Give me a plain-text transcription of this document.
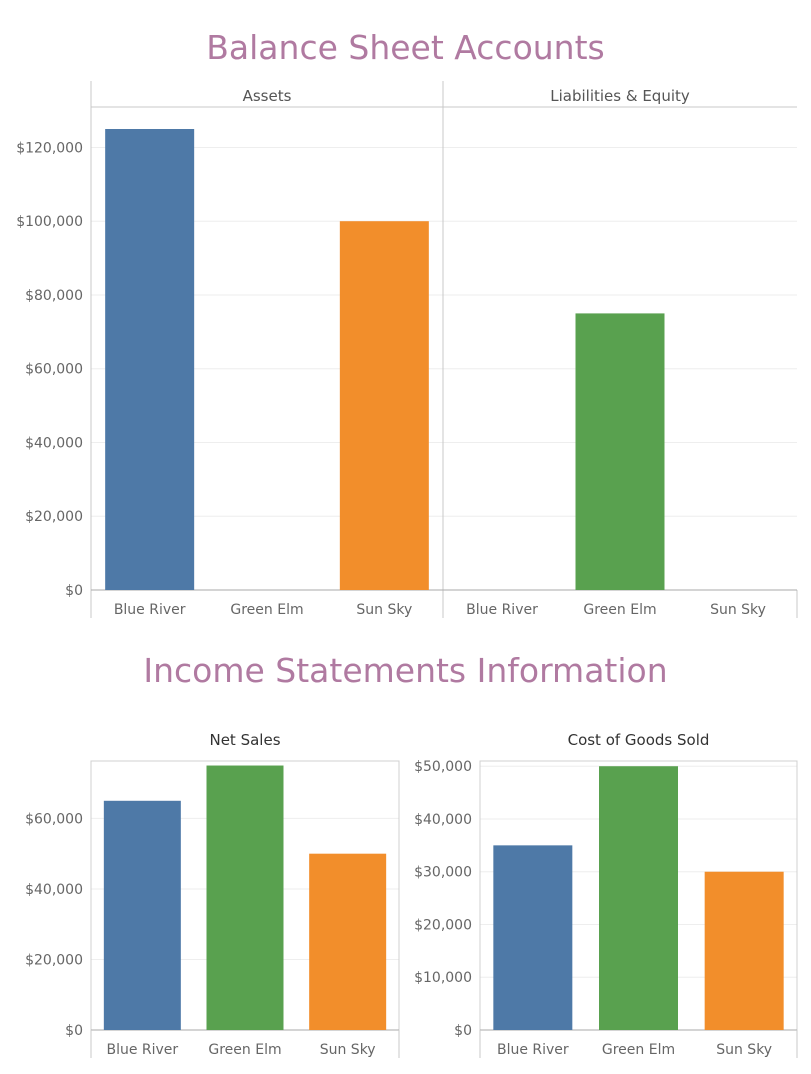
Balance Sheet Accounts
Income Statements Information
$0
$20,000
$40,000
$60,000
$80,000
$100,000
$120,000
Assets
Blue River	Green Elm	Sun Sky
Liabilities & Equity
Blue River	Green Elm	Sun Sky
Net Sales
$0
$20,000
$40,000
$60,000
Blue River Green Elm	Sun Sky
Cost of Goods Sold
$0
$10,000
$20,000
$30,000
$40,000
$50,000
Blue River Green Elm	Sun Sky
